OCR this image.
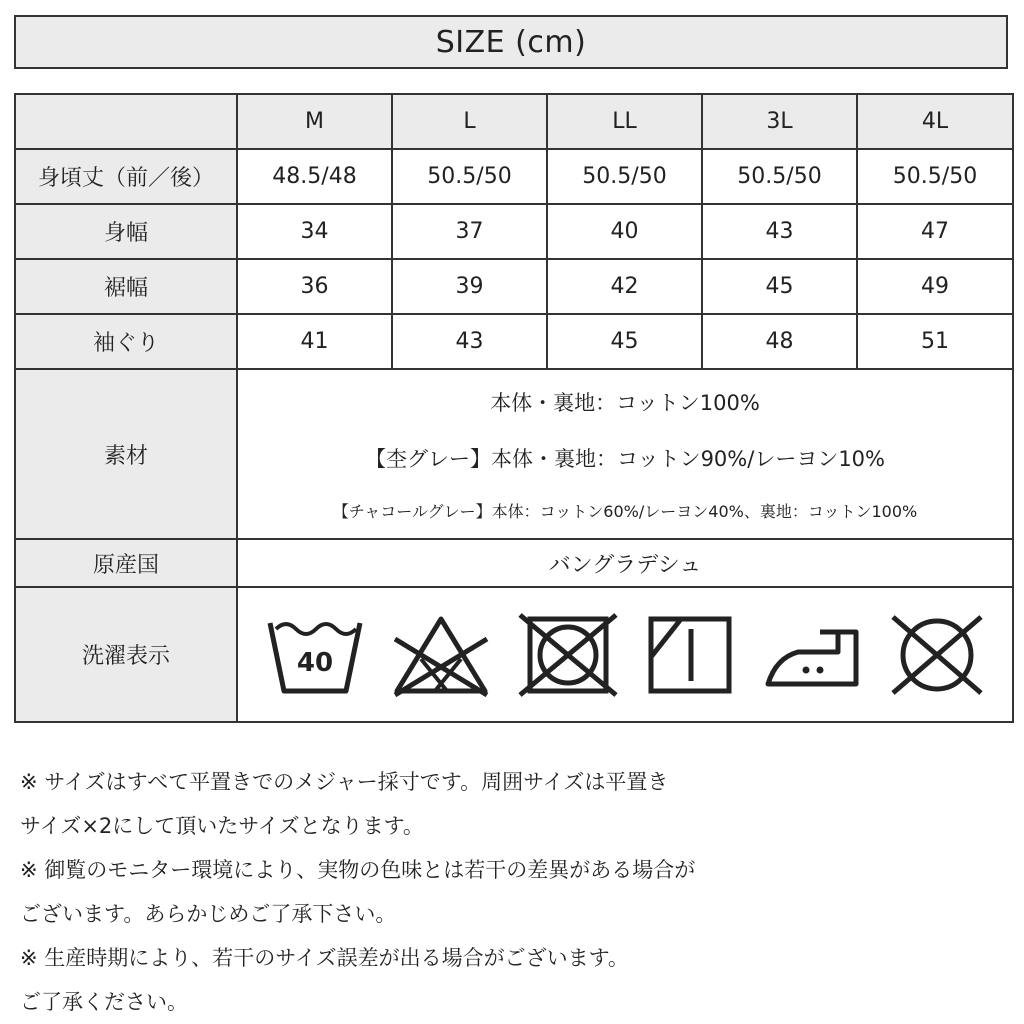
SIZE (cm)
	M	L	LL	3L	4L
身頃丈（前／後）	48.5/48	50.5/50	50.5/50	50.5/50	50.5/50
身幅	34	37	40	43	47
裾幅	36	39	42	45	49
袖ぐり	41	43	45	48	51
素材	本体・裏地：コットン100%
【杢グレー】本体・裏地：コットン90%/レーヨン10%
【チャコールグレー】本体：コットン60%/レーヨン40%、裏地：コットン100%				

原産国	バングラデシュ				
洗濯表示	40				
※ サイズはすべて平置きでのメジャー採寸です。周囲サイズは平置き
サイズ×2にして頂いたサイズとなります。
※ 御覧のモニター環境により、実物の色味とは若干の差異がある場合が
ございます。あらかじめご了承下さい。
※ 生産時期により、若干のサイズ誤差が出る場合がございます。
ご了承ください。
